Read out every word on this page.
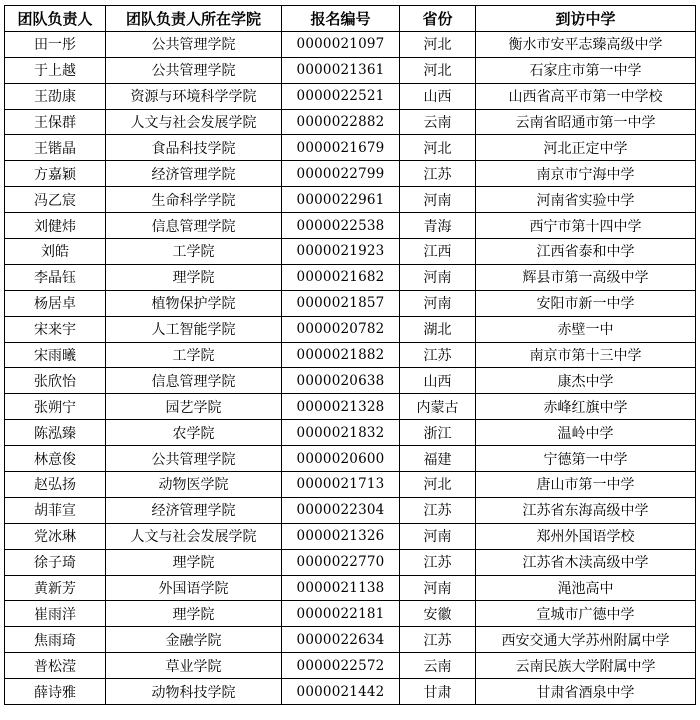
团队负责人	团队负责人所在学院	报名编号	省份	到访中学
田一彤	公共管理学院	0000021097	河北	衡水市安平志臻高级中学
于上越	公共管理学院	0000021361	河北	石家庄市第一中学
王劭康	资源与环境科学学院	0000022521	山西	山西省高平市第一中学校
王保群	人文与社会发展学院	0000022882	云南	云南省昭通市第一中学
王锴晶	食品科技学院	0000021679	河北	河北正定中学
方嘉颖	经济管理学院	0000022799	江苏	南京市宁海中学
冯乙宸	生命科学学院	0000022961	河南	河南省实验中学
刘健炜	信息管理学院	0000022538	青海	西宁市第十四中学
刘皓	工学院	0000021923	江西	江西省泰和中学
李晶钰	理学院	0000021682	河南	辉县市第一高级中学
杨居卓	植物保护学院	0000021857	河南	安阳市新一中学
宋来宇	人工智能学院	0000020782	湖北	赤壁一中
宋雨曦	工学院	0000021882	江苏	南京市第十三中学
张欣怡	信息管理学院	0000020638	山西	康杰中学
张朔宁	园艺学院	0000021328	内蒙古	赤峰红旗中学
陈泓臻	农学院	0000021832	浙江	温岭中学
林意俊	公共管理学院	0000020600	福建	宁德第一中学
赵弘扬	动物医学院	0000021713	河北	唐山市第一中学
胡菲宣	经济管理学院	0000022304	江苏	江苏省东海高级中学
党冰琳	人文与社会发展学院	0000021326	河南	郑州外国语学校
徐子琦	理学院	0000022770	江苏	江苏省木渎高级中学
黄新芳	外国语学院	0000021138	河南	渑池高中
崔雨洋	理学院	0000022181	安徽	宣城市广德中学
焦雨琦	金融学院	0000022634	江苏	西安交通大学苏州附属中学
普松滢	草业学院	0000022572	云南	云南民族大学附属中学
薛诗雅	动物科技学院	0000021442	甘肃	甘肃省酒泉中学
